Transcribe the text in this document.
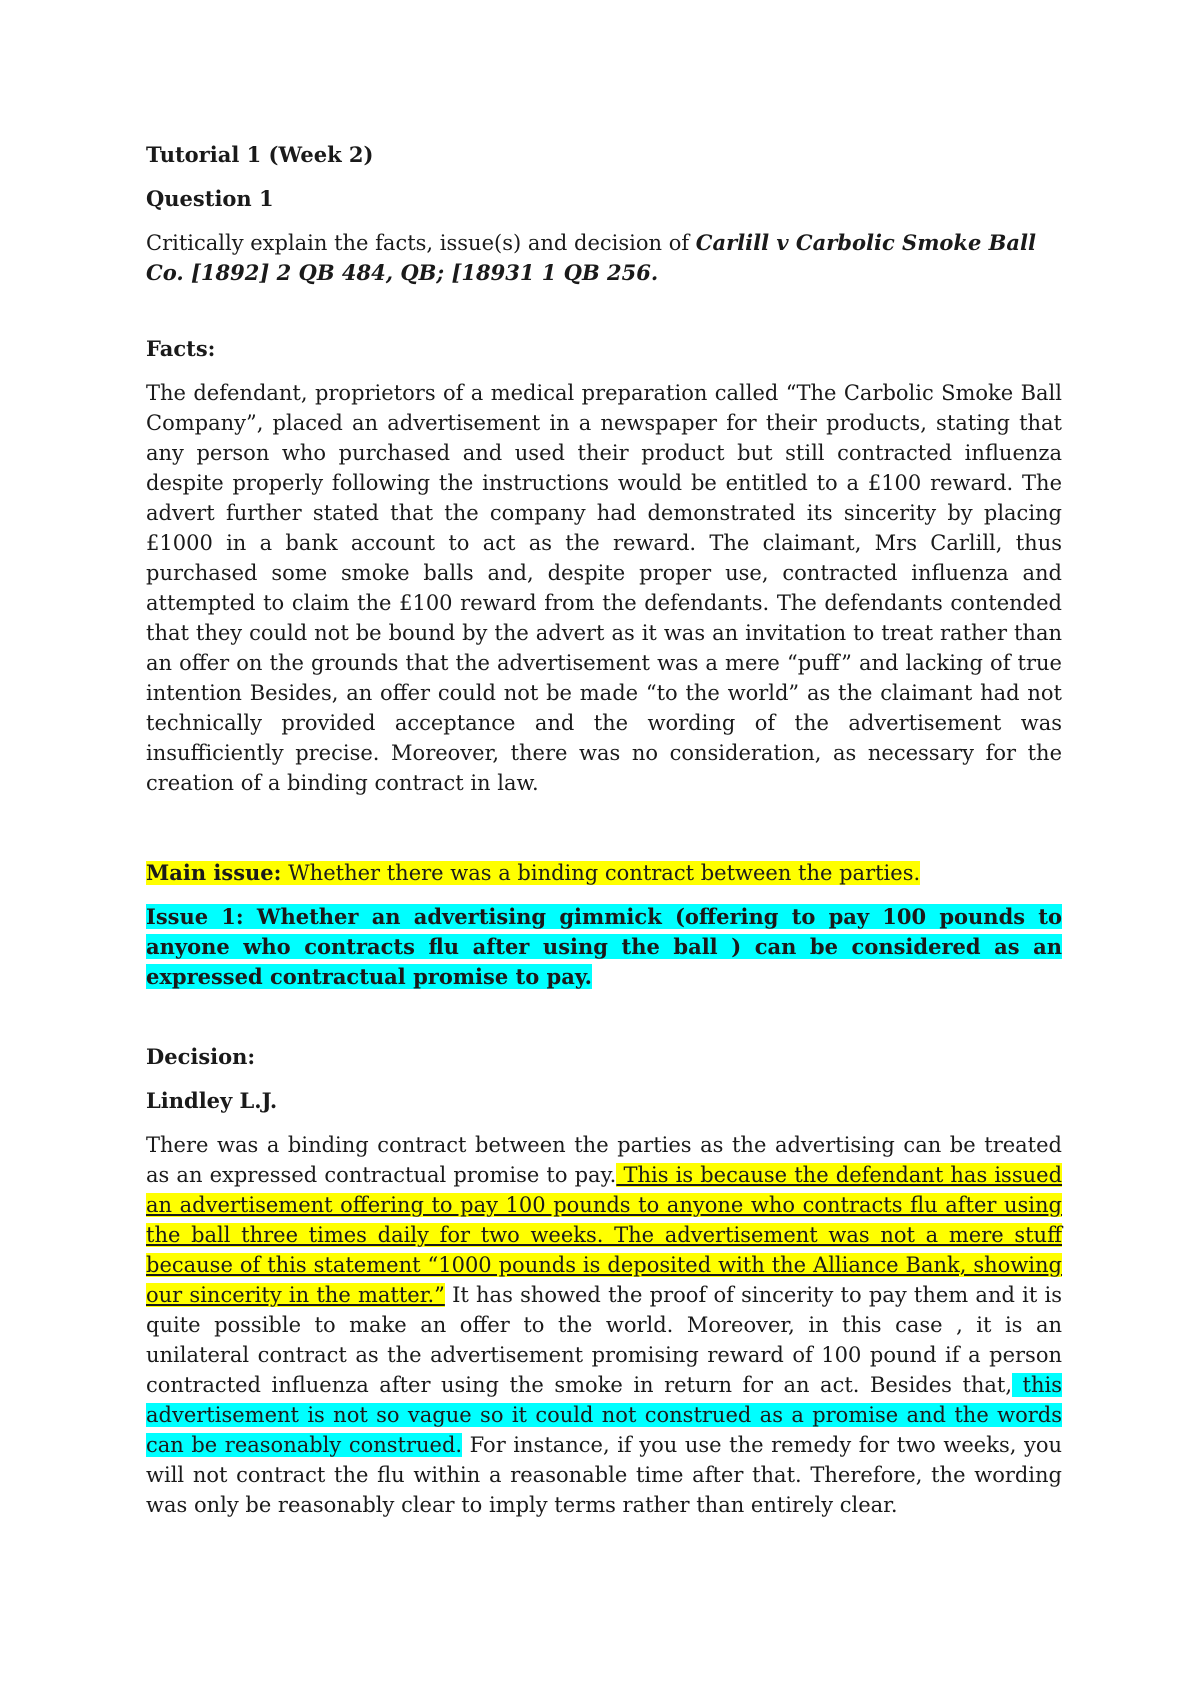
Tutorial 1 (Week 2)

Question 1

Critically explain the facts, issue(s) and decision of Carlill v Carbolic Smoke Ball Co. [1892] 2 QB 484, QB; [18931 1 QB 256.

Facts:

The defendant, proprietors of a medical preparation called “The Carbolic Smoke Ball Company”, placed an advertisement in a newspaper for their products, stating that any person who purchased and used their product but still contracted influenza despite properly following the instructions would be entitled to a £100 reward. The advert further stated that the company had demonstrated its sincerity by placing £1000 in a bank account to act as the reward. The claimant, Mrs Carlill, thus purchased some smoke balls and, despite proper use, contracted influenza and attempted to claim the £100 reward from the defendants. The defendants contended that they could not be bound by the advert as it was an invitation to treat rather than an offer on the grounds that the advertisement was a mere “puff” and lacking of true intention Besides, an offer could not be made “to the world” as the claimant had not technically provided acceptance and the wording of the advertisement was insufficiently precise. Moreover, there was no consideration, as necessary for the creation of a binding contract in law.

Main issue: Whether there was a binding contract between the parties.

Issue 1: Whether an advertising gimmick (offering to pay 100 pounds to anyone who contracts flu after using the ball ) can be considered as an expressed contractual promise to pay.

Decision:

Lindley L.J.

There was a binding contract between the parties as the advertising can be treated as an expressed contractual promise to pay. This is because the defendant has issued an advertisement offering to pay 100 pounds to anyone who contracts flu after using the ball three times daily for two weeks. The advertisement was not a mere stuff because of this statement “1000 pounds is deposited with the Alliance Bank, showing our sincerity in the matter.” It has showed the proof of sincerity to pay them and it is quite possible to make an offer to the world. Moreover, in this case , it is an unilateral contract as the advertisement promising reward of 100 pound if a person contracted influenza after using the smoke in return for an act. Besides that, this advertisement is not so vague so it could not construed as a promise and the words can be reasonably construed. For instance, if you use the remedy for two weeks, you will not contract the flu within a reasonable time after that. Therefore, the wording was only be reasonably clear to imply terms rather than entirely clear.
